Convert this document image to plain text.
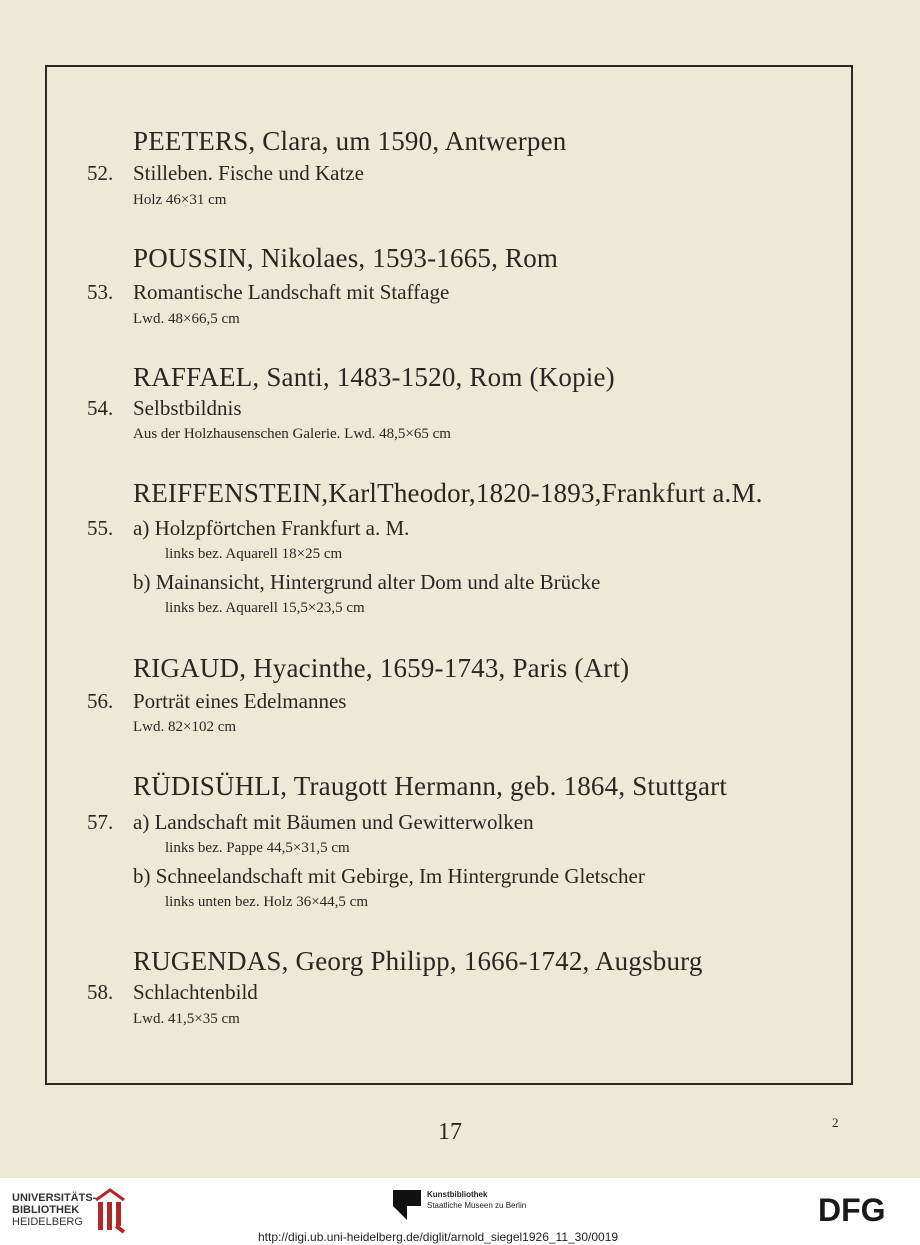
PEETERS, Clara, um 1590, Antwerpen
52. Stilleben. Fische und Katze
Holz 46×31 cm
POUSSIN, Nikolaes, 1593-1665, Rom
53. Romantische Landschaft mit Staffage
Lwd. 48×66,5 cm
RAFFAEL, Santi, 1483-1520, Rom (Kopie)
54. Selbstbildnis
Aus der Holzhausenschen Galerie. Lwd. 48,5×65 cm
REIFFENSTEIN,KarlTheodor,1820-1893,Frankfurt a.M.
55. a) Holzpförtchen Frankfurt a. M.
links bez. Aquarell 18×25 cm
b) Mainansicht, Hintergrund alter Dom und alte Brücke
links bez. Aquarell 15,5×23,5 cm
RIGAUD, Hyacinthe, 1659-1743, Paris (Art)
56. Porträt eines Edelmannes
Lwd. 82×102 cm
RÜDISÜHLI, Traugott Hermann, geb. 1864, Stuttgart
57. a) Landschaft mit Bäumen und Gewitterwolken
links bez. Pappe 44,5×31,5 cm
b) Schneelandschaft mit Gebirge, Im Hintergrunde Gletscher
links unten bez. Holz 36×44,5 cm
RUGENDAS, Georg Philipp, 1666-1742, Augsburg
58. Schlachtenbild
Lwd. 41,5×35 cm
17	2
UNIVERSITÄTS-
BIBLIOTHEK
HEIDELBERG
Kunstbibliothek
Staatliche Museen zu Berlin	DFG
http://digi.ub.uni-heidelberg.de/diglit/arnold_siegel1926_11_30/0019
